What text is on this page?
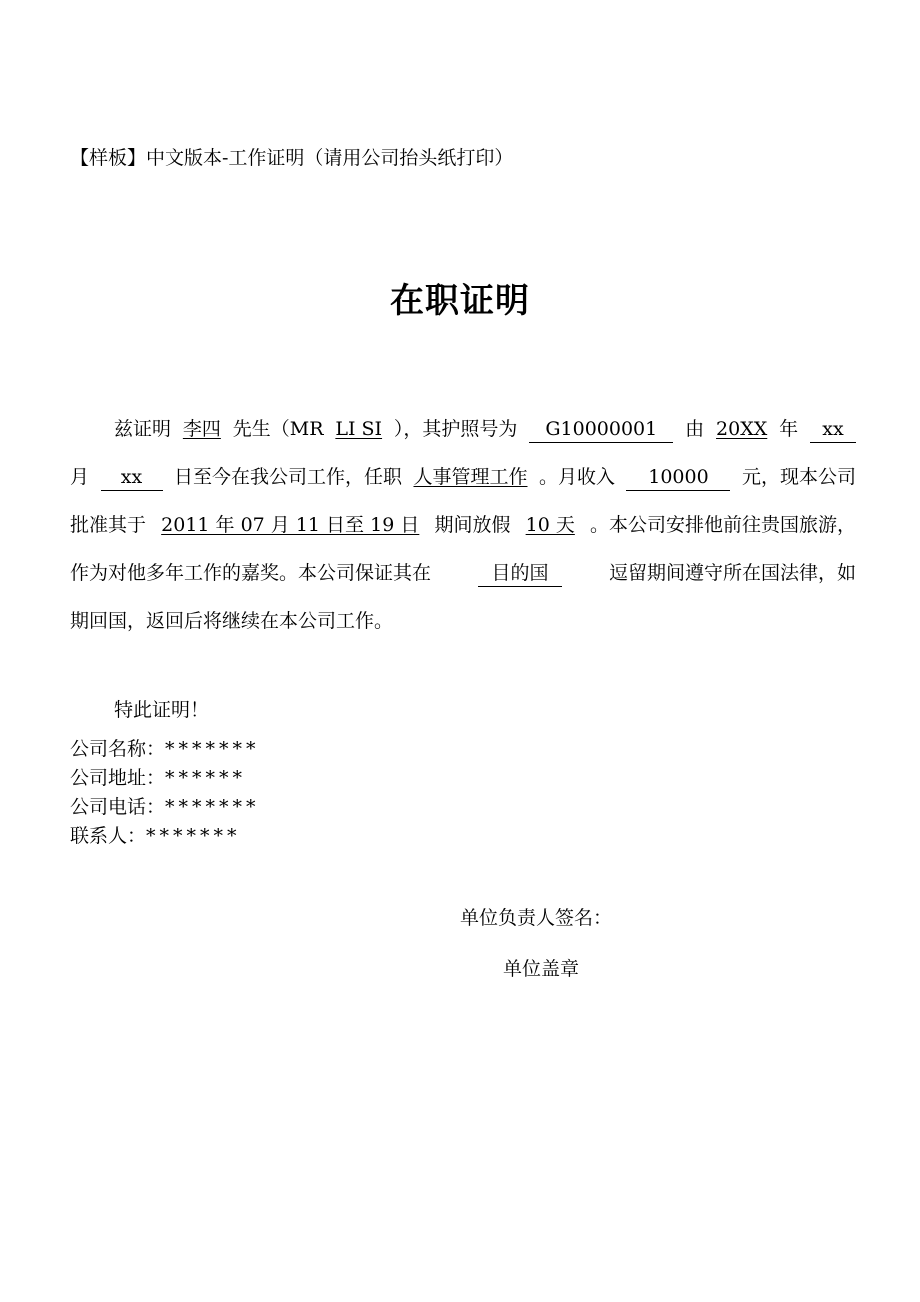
【样板】中文版本-工作证明（请用公司抬头纸打印）
在职证明
兹证明 李四 先生（MR LI SI ），其护照号为	G10000001	由 20XX 年	xx
月	xx	日至今在我公司工作，任职 人事管理工作 。月收入	10000	元，现本公司
批准其于 2011 年 07 月 11 日至 19 日 期间放假 10 天 。本公司安排他前往贵国旅游，
作为对他多年工作的嘉奖。本公司保证其在	目的国	逗留期间遵守所在国法律，如
期回国，返回后将继续在本公司工作。
特此证明！
公司名称：*******
公司地址：******
公司电话：*******
联系人：*******
单位负责人签名：
单位盖章
